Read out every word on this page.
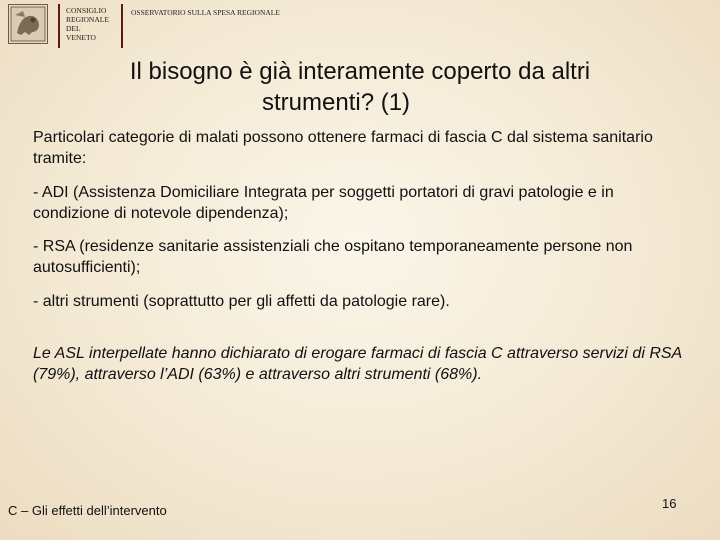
CONSIGLIO
REGIONALE
DEL
VENETO
OSSERVATORIO SULLA SPESA REGIONALE
Il bisogno è già interamente coperto da altri
strumenti? (1)

Particolari categorie di malati possono ottenere farmaci di fascia C dal sistema sanitario tramite:

- ADI (Assistenza Domiciliare Integrata per soggetti portatori di gravi patologie e in condizione di notevole dipendenza);

- RSA (residenze sanitarie assistenziali che ospitano temporaneamente persone non autosufficienti);

- altri strumenti (soprattutto per gli affetti da patologie rare).

Le ASL interpellate hanno dichiarato di erogare farmaci di fascia C attraverso servizi di RSA (79%), attraverso l’ADI (63%) e attraverso altri strumenti (68%).

C – Gli effetti dell’intervento	16
